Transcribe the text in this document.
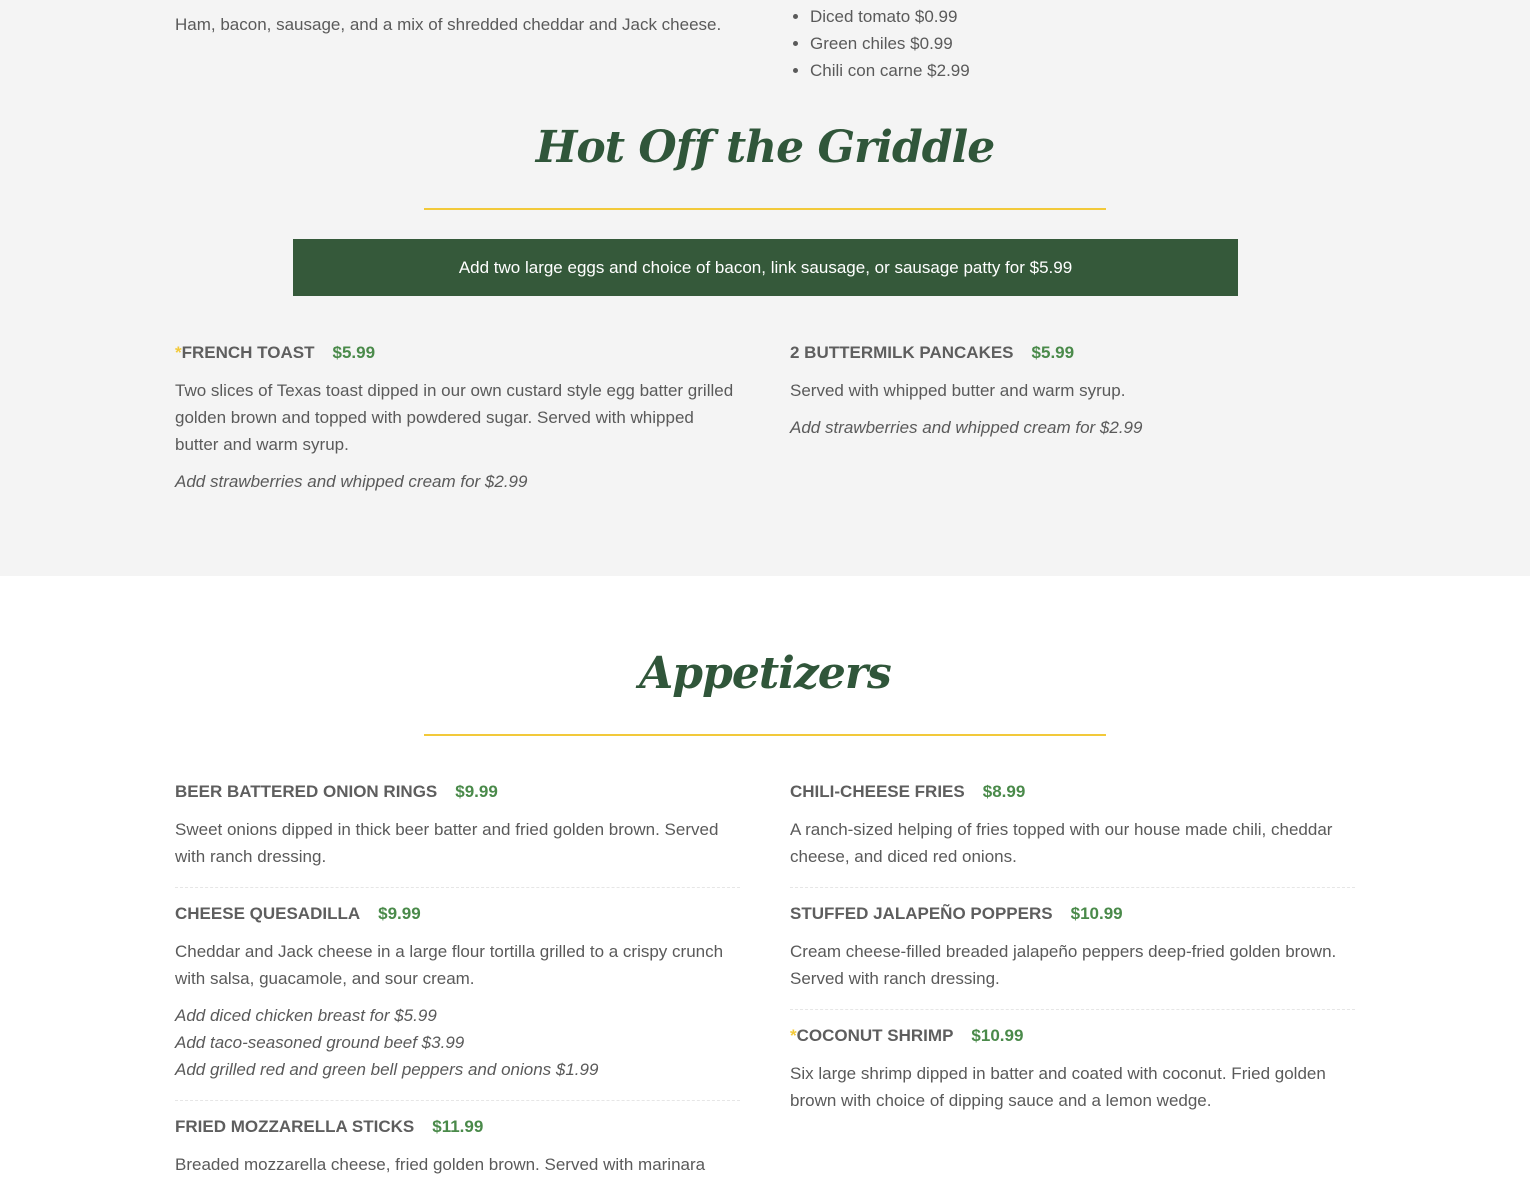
Ham, bacon, sausage, and a mix of shredded cheddar and Jack cheese.

•	Diced tomato $0.99
• Green chiles $0.99
• Chili con carne $2.99
Hot Off the Griddle
Add two large eggs and choice of bacon, link sausage, or sausage patty for $5.99
*FRENCH TOAST $5.99

Two slices of Texas toast dipped in our own custard style egg batter grilled golden brown and topped with powdered sugar. Served with whipped butter and warm syrup.

Add strawberries and whipped cream for $2.99

2 BUTTERMILK PANCAKES $5.99

Served with whipped butter and warm syrup.

Add strawberries and whipped cream for $2.99

Appetizers
BEER BATTERED ONION RINGS $9.99

Sweet onions dipped in thick beer batter and fried golden brown. Served with ranch dressing.

CHEESE QUESADILLA $9.99

Cheddar and Jack cheese in a large flour tortilla grilled to a crispy crunch with salsa, guacamole, and sour cream.

Add diced chicken breast for $5.99
Add taco-seasoned ground beef $3.99
Add grilled red and green bell peppers and onions $1.99

FRIED MOZZARELLA STICKS $11.99

Breaded mozzarella cheese, fried golden brown. Served with marinara

CHILI-CHEESE FRIES $8.99

A ranch-sized helping of fries topped with our house made chili, cheddar cheese, and diced red onions.

STUFFED JALAPEÑO POPPERS $10.99

Cream cheese-filled breaded jalapeño peppers deep-fried golden brown. Served with ranch dressing.

*COCONUT SHRIMP $10.99

Six large shrimp dipped in batter and coated with coconut. Fried golden brown with choice of dipping sauce and a lemon wedge.
